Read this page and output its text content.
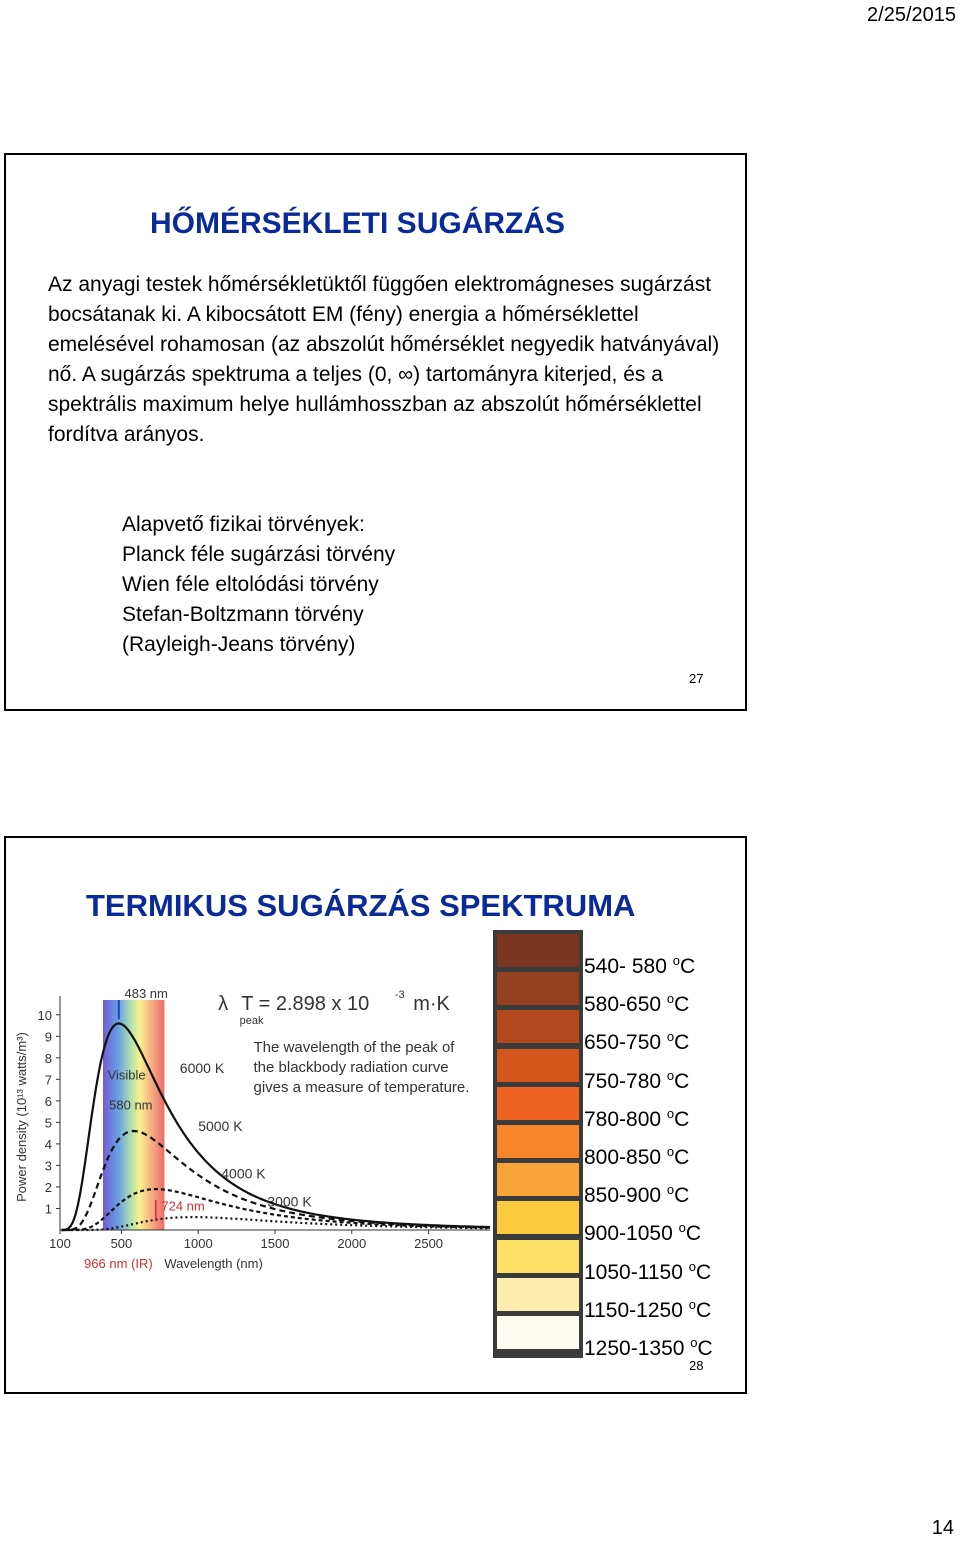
2/25/2015
HŐMÉRSÉKLETI SUGÁRZÁS
Az anyagi testek hőmérsékletüktől függően elektromágneses sugárzást bocsátanak ki. A kibocsátott EM (fény) energia a hőmérséklettel emelésével rohamosan (az abszolút hőmérséklet negyedik hatványával) nő. A sugárzás spektruma a teljes (0, ∞) tartományra kiterjed, és a spektrális maximum helye hullámhosszban az abszolút hőmérséklettel fordítva arányos.
Alapvető fizikai törvények:
Planck féle sugárzási törvény
Wien féle eltolódási törvény
Stefan-Boltzmann törvény
(Rayleigh-Jeans törvény)
27
TERMIKUS SUGÁRZÁS SPEKTRUMA
Visible
1
2
3
4
5
6
7
8
9
10
100	500	1000	1500	2000	2500
Power density (10¹³ watts/m³)
Wavelength (nm)
6000 K
5000 K
4000 K
3000 K
483 nm
580 nm
724 nm
966 nm (IR)
λ T = 2.898 x 10
peak
-3 m·K
The wavelength of the peak of
the blackbody radiation curve
gives a measure of temperature.
540- 580 $^o$C
580-650 $^o$C
650-750 $^o$C
750-780 $^o$C
780-800 $^o$C
800-850 $^o$C
850-900 $^o$C
900-1050 $^o$C
1050-1150 $^o$C
1150-1250 $^o$C
1250-1350 $^o$C
28
14
